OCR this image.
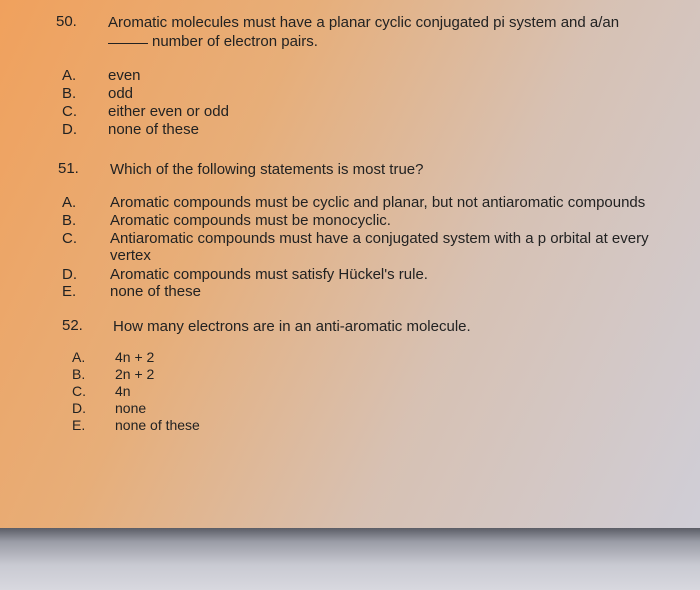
50. Aromatic molecules must have a planar cyclic conjugated pi system and a/an
number of electron pairs.
A. even
B. odd
C. either even or odd
D. none of these
51. Which of the following statements is most true?
A. Aromatic compounds must be cyclic and planar, but not antiaromatic compounds
B. Aromatic compounds must be monocyclic.
C. Antiaromatic compounds must have a conjugated system with a p orbital at every vertex
D. Aromatic compounds must satisfy Hückel's rule.
E. none of these
52. How many electrons are in an anti-aromatic molecule.
A. 4n + 2
B. 2n + 2
C. 4n
D. none
E. none of these
